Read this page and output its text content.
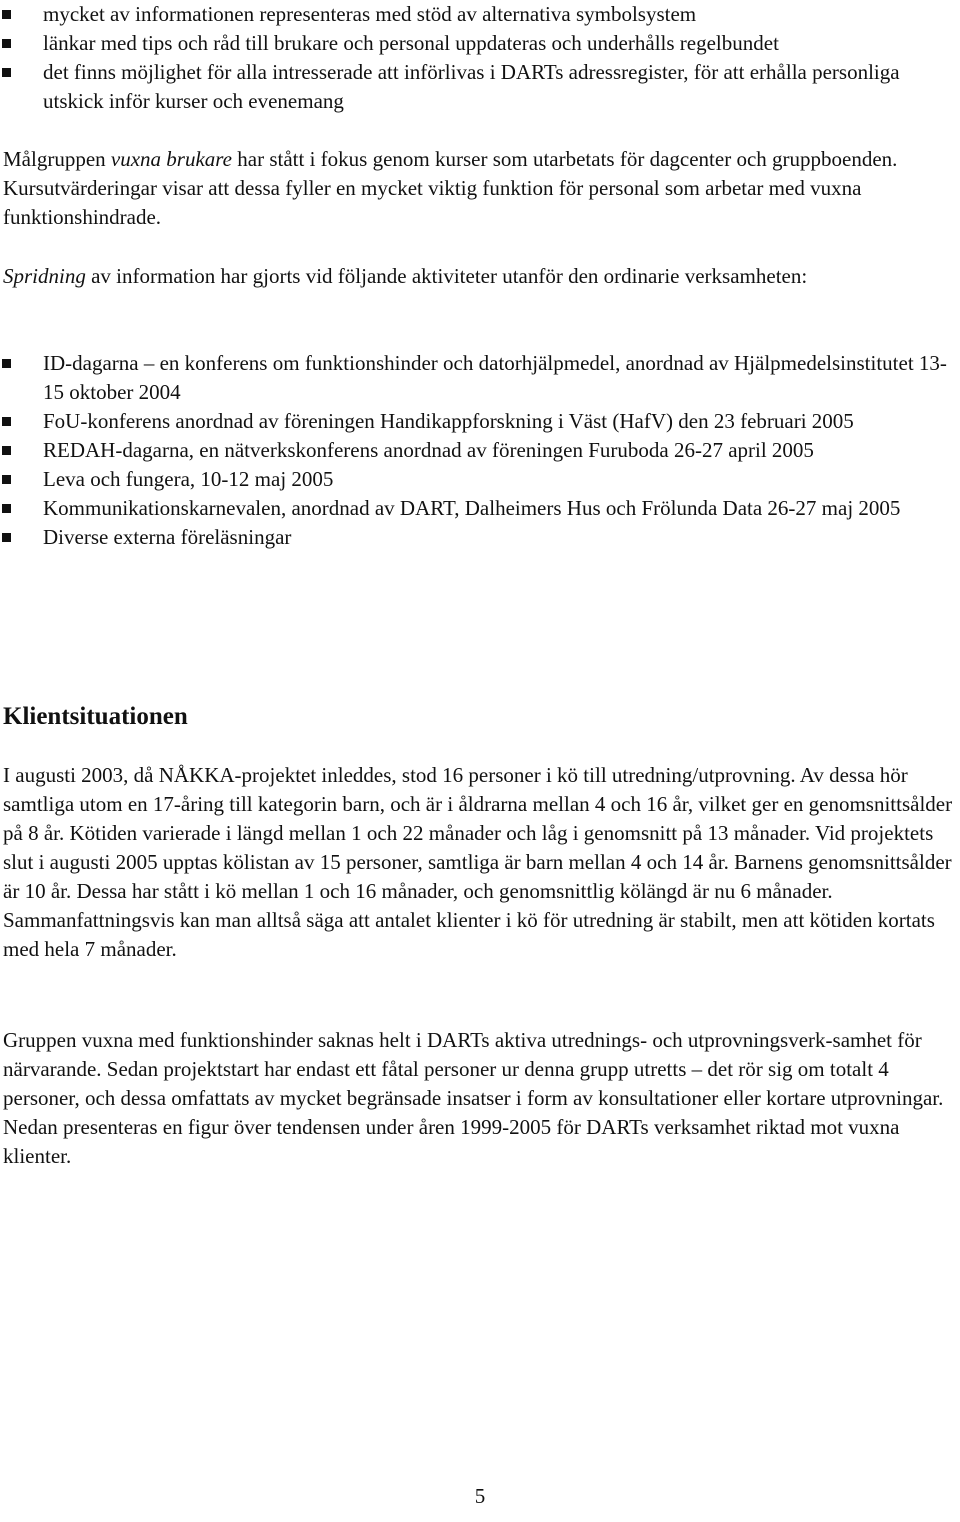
mycket av informationen representeras med stöd av alternativa symbolsystem
länkar med tips och råd till brukare och personal uppdateras och underhålls regelbundet
det finns möjlighet för alla intresserade att införlivas i DARTs adressregister, för att erhålla personliga utskick inför kurser och evenemang

Målgruppen vuxna brukare har stått i fokus genom kurser som utarbetats för dagcenter och gruppboenden. Kursutvärderingar visar att dessa fyller en mycket viktig funktion för personal som arbetar med vuxna funktionshindrade.

Spridning av information har gjorts vid följande aktiviteter utanför den ordinarie verksamheten:

ID-dagarna – en konferens om funktionshinder och datorhjälpmedel, anordnad av Hjälpmedelsinstitutet 13-15 oktober 2004
FoU-konferens anordnad av föreningen Handikappforskning i Väst (HafV) den 23 februari 2005
REDAH-dagarna, en nätverkskonferens anordnad av föreningen Furuboda 26-27 april 2005
Leva och fungera, 10-12 maj 2005
Kommunikationskarnevalen, anordnad av DART, Dalheimers Hus och Frölunda Data 26-27 maj 2005
Diverse externa föreläsningar
Klientsituationen

I augusti 2003, då NÅKKA-projektet inleddes, stod 16 personer i kö till utredning/utprovning. Av dessa hör samtliga utom en 17-åring till kategorin barn, och är i åldrarna mellan 4 och 16 år, vilket ger en genomsnittsålder på 8 år. Kötiden varierade i längd mellan 1 och 22 månader och låg i genomsnitt på 13 månader. Vid projektets slut i augusti 2005 upptas kölistan av 15 personer, samtliga är barn mellan 4 och 14 år. Barnens genomsnittsålder är 10 år. Dessa har stått i kö mellan 1 och 16 månader, och genomsnittlig kölängd är nu 6 månader. Sammanfattningsvis kan man alltså säga att antalet klienter i kö för utredning är stabilt, men att kötiden kortats med hela 7 månader.

Gruppen vuxna med funktionshinder saknas helt i DARTs aktiva utrednings- och utprovningsverk-samhet för närvarande. Sedan projektstart har endast ett fåtal personer ur denna grupp utretts – det rör sig om totalt 4 personer, och dessa omfattats av mycket begränsade insatser i form av konsultationer eller kortare utprovningar. Nedan presenteras en figur över tendensen under åren 1999-2005 för DARTs verksamhet riktad mot vuxna klienter.

5
